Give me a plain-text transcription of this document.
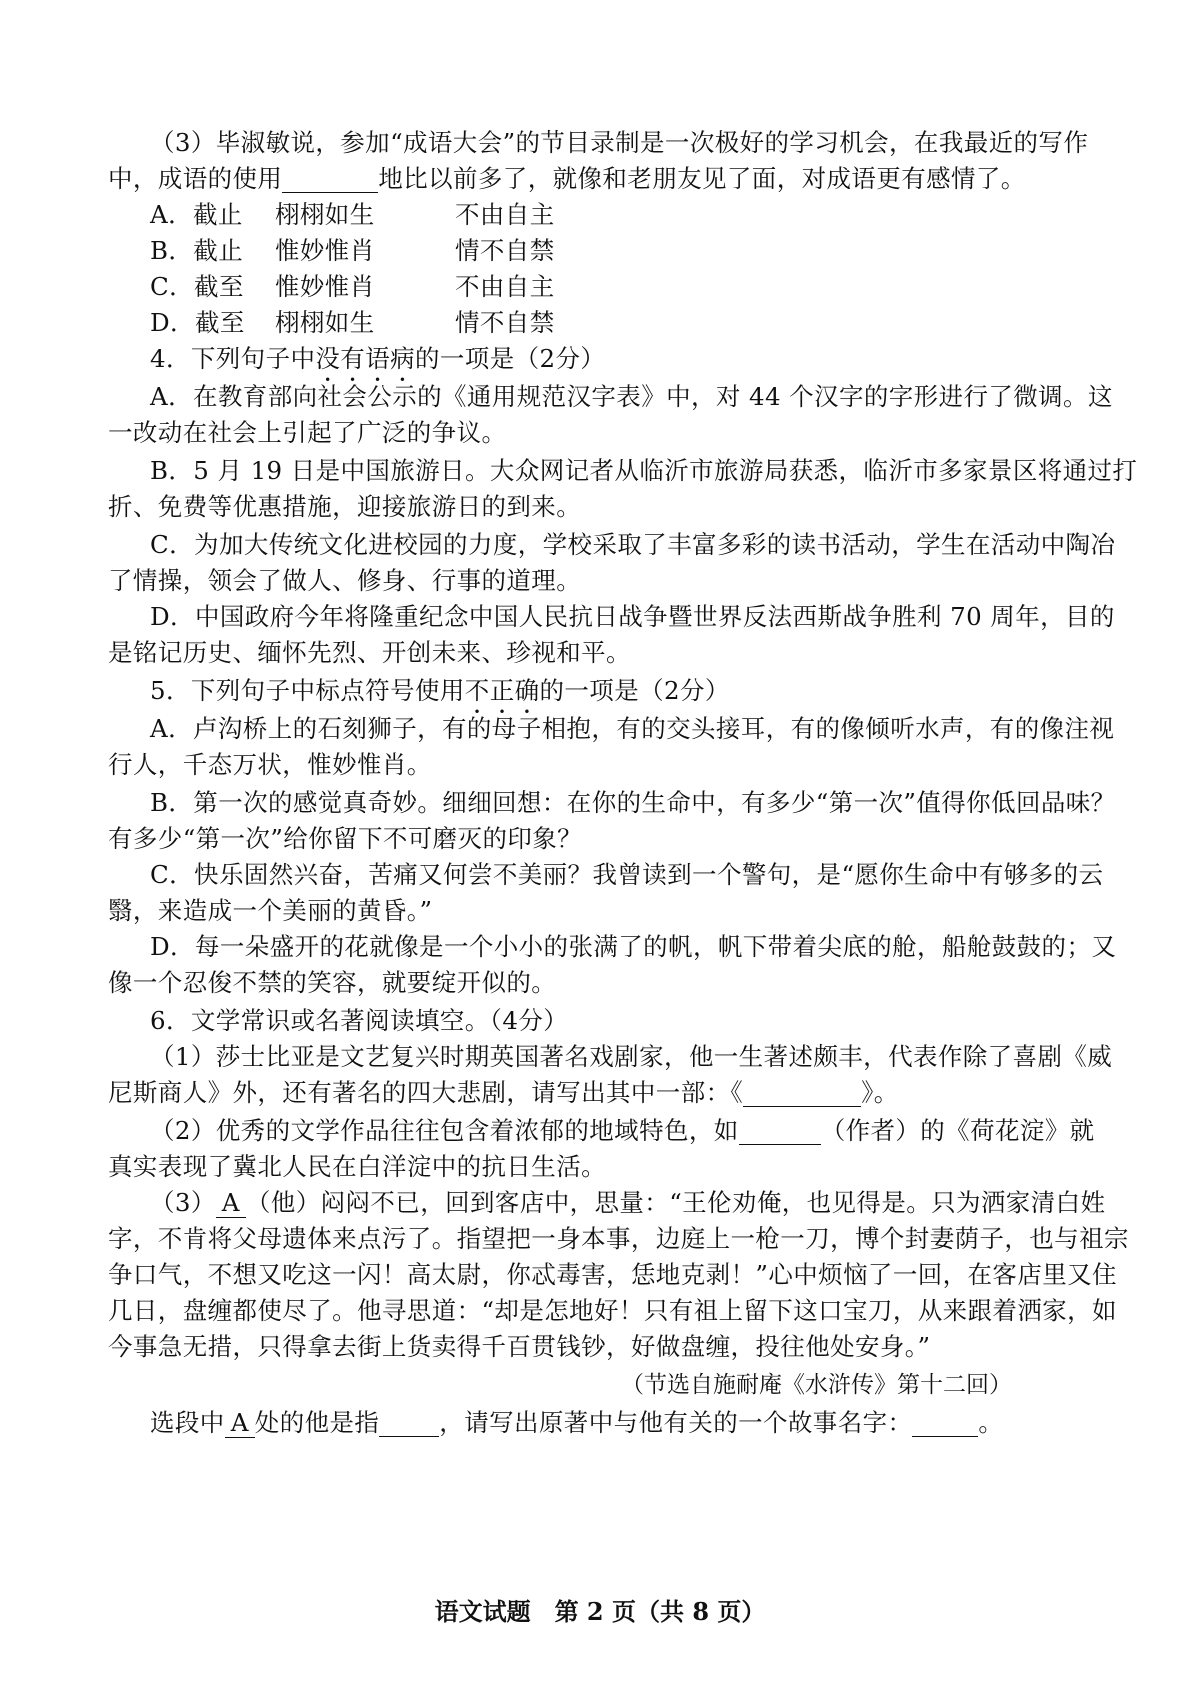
（3）毕淑敏说，参加“成语大会”的节目录制是一次极好的学习机会，在我最近的写作
中，成语的使用	地比以前多了，就像和老朋友见了面，对成语更有感情了。
A．截止 栩栩如生	不由自主
B．截止 惟妙惟肖	情不自禁
C．截至 惟妙惟肖	不由自主
D．截至 栩栩如生	情不自禁
4．下列句子中没有语病的一项是（2分）
A．在教育部向社会公示的《通用规范汉字表》中，对 44 个汉字的字形进行了微调。这
一改动在社会上引起了广泛的争议。
B．5 月 19 日是中国旅游日。大众网记者从临沂市旅游局获悉，临沂市多家景区将通过打
折、免费等优惠措施，迎接旅游日的到来。
C．为加大传统文化进校园的力度，学校采取了丰富多彩的读书活动，学生在活动中陶冶
了情操，领会了做人、修身、行事的道理。
D．中国政府今年将隆重纪念中国人民抗日战争暨世界反法西斯战争胜利 70 周年，目的
是铭记历史、缅怀先烈、开创未来、珍视和平。
5．下列句子中标点符号使用不正确的一项是（2分）
A．卢沟桥上的石刻狮子，有的母子相抱，有的交头接耳，有的像倾听水声，有的像注视
行人，千态万状，惟妙惟肖。
B．第一次的感觉真奇妙。细细回想：在你的生命中，有多少“第一次”值得你低回品味？
有多少“第一次”给你留下不可磨灭的印象？
C．快乐固然兴奋，苦痛又何尝不美丽？我曾读到一个警句，是“愿你生命中有够多的云
翳，来造成一个美丽的黄昏。”
D．每一朵盛开的花就像是一个小小的张满了的帆，帆下带着尖底的舱，船舱鼓鼓的；又
像一个忍俊不禁的笑容，就要绽开似的。
6．文学常识或名著阅读填空。（4分）
（1）莎士比亚是文艺复兴时期英国著名戏剧家，他一生著述颇丰，代表作除了喜剧《威
尼斯商人》外，还有著名的四大悲剧，请写出其中一部：《	》。
（2）优秀的文学作品往往包含着浓郁的地域特色，如	（作者）的《荷花淀》就
真实表现了冀北人民在白洋淀中的抗日生活。
（3） A （他）闷闷不已，回到客店中，思量：“王伦劝俺，也见得是。只为洒家清白姓
字，不肯将父母遗体来点污了。指望把一身本事，边庭上一枪一刀，博个封妻荫子，也与祖宗
争口气，不想又吃这一闪！高太尉，你忒毒害，恁地克剥！”心中烦恼了一回，在客店里又住
几日，盘缠都使尽了。他寻思道：“却是怎地好！只有祖上留下这口宝刀，从来跟着洒家，如
今事急无措，只得拿去街上货卖得千百贯钱钞，好做盘缠，投往他处安身。”
（节选自施耐庵《水浒传》第十二回）
选段中 A 处的他是指 ，请写出原著中与他有关的一个故事名字：	。
语文试题　第 2 页（共 8 页）
